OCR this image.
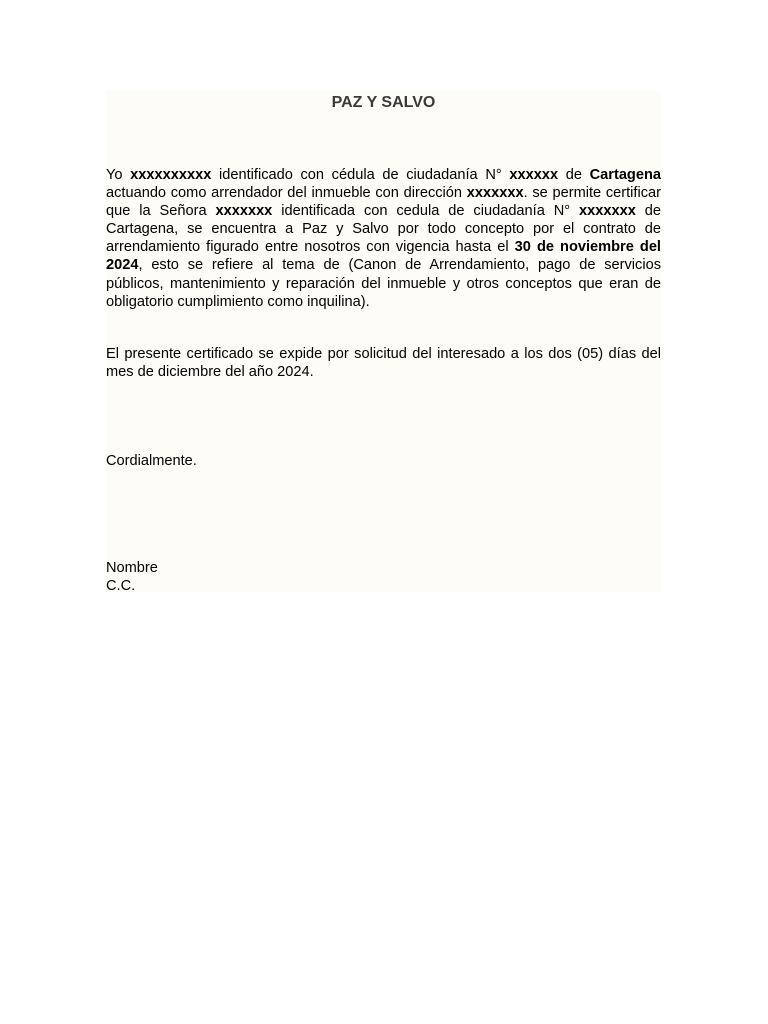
PAZ Y SALVO

Yo xxxxxxxxxx identificado con cédula de ciudadanía N° xxxxxx de Cartagena actuando como arrendador del inmueble con dirección xxxxxxx. se permite certificar que la Señora xxxxxxx identificada con cedula de ciudadanía N° xxxxxxx de Cartagena, se encuentra a Paz y Salvo por todo concepto por el contrato de arrendamiento figurado entre nosotros con vigencia hasta el 30 de noviembre del 2024, esto se refiere al tema de (Canon de Arrendamiento, pago de servicios públicos, mantenimiento y reparación del inmueble y otros conceptos que eran de obligatorio cumplimiento como inquilina).

El presente certificado se expide por solicitud del interesado a los dos (05) días del mes de diciembre del año 2024.

Cordialmente.

Nombre
C.C.
